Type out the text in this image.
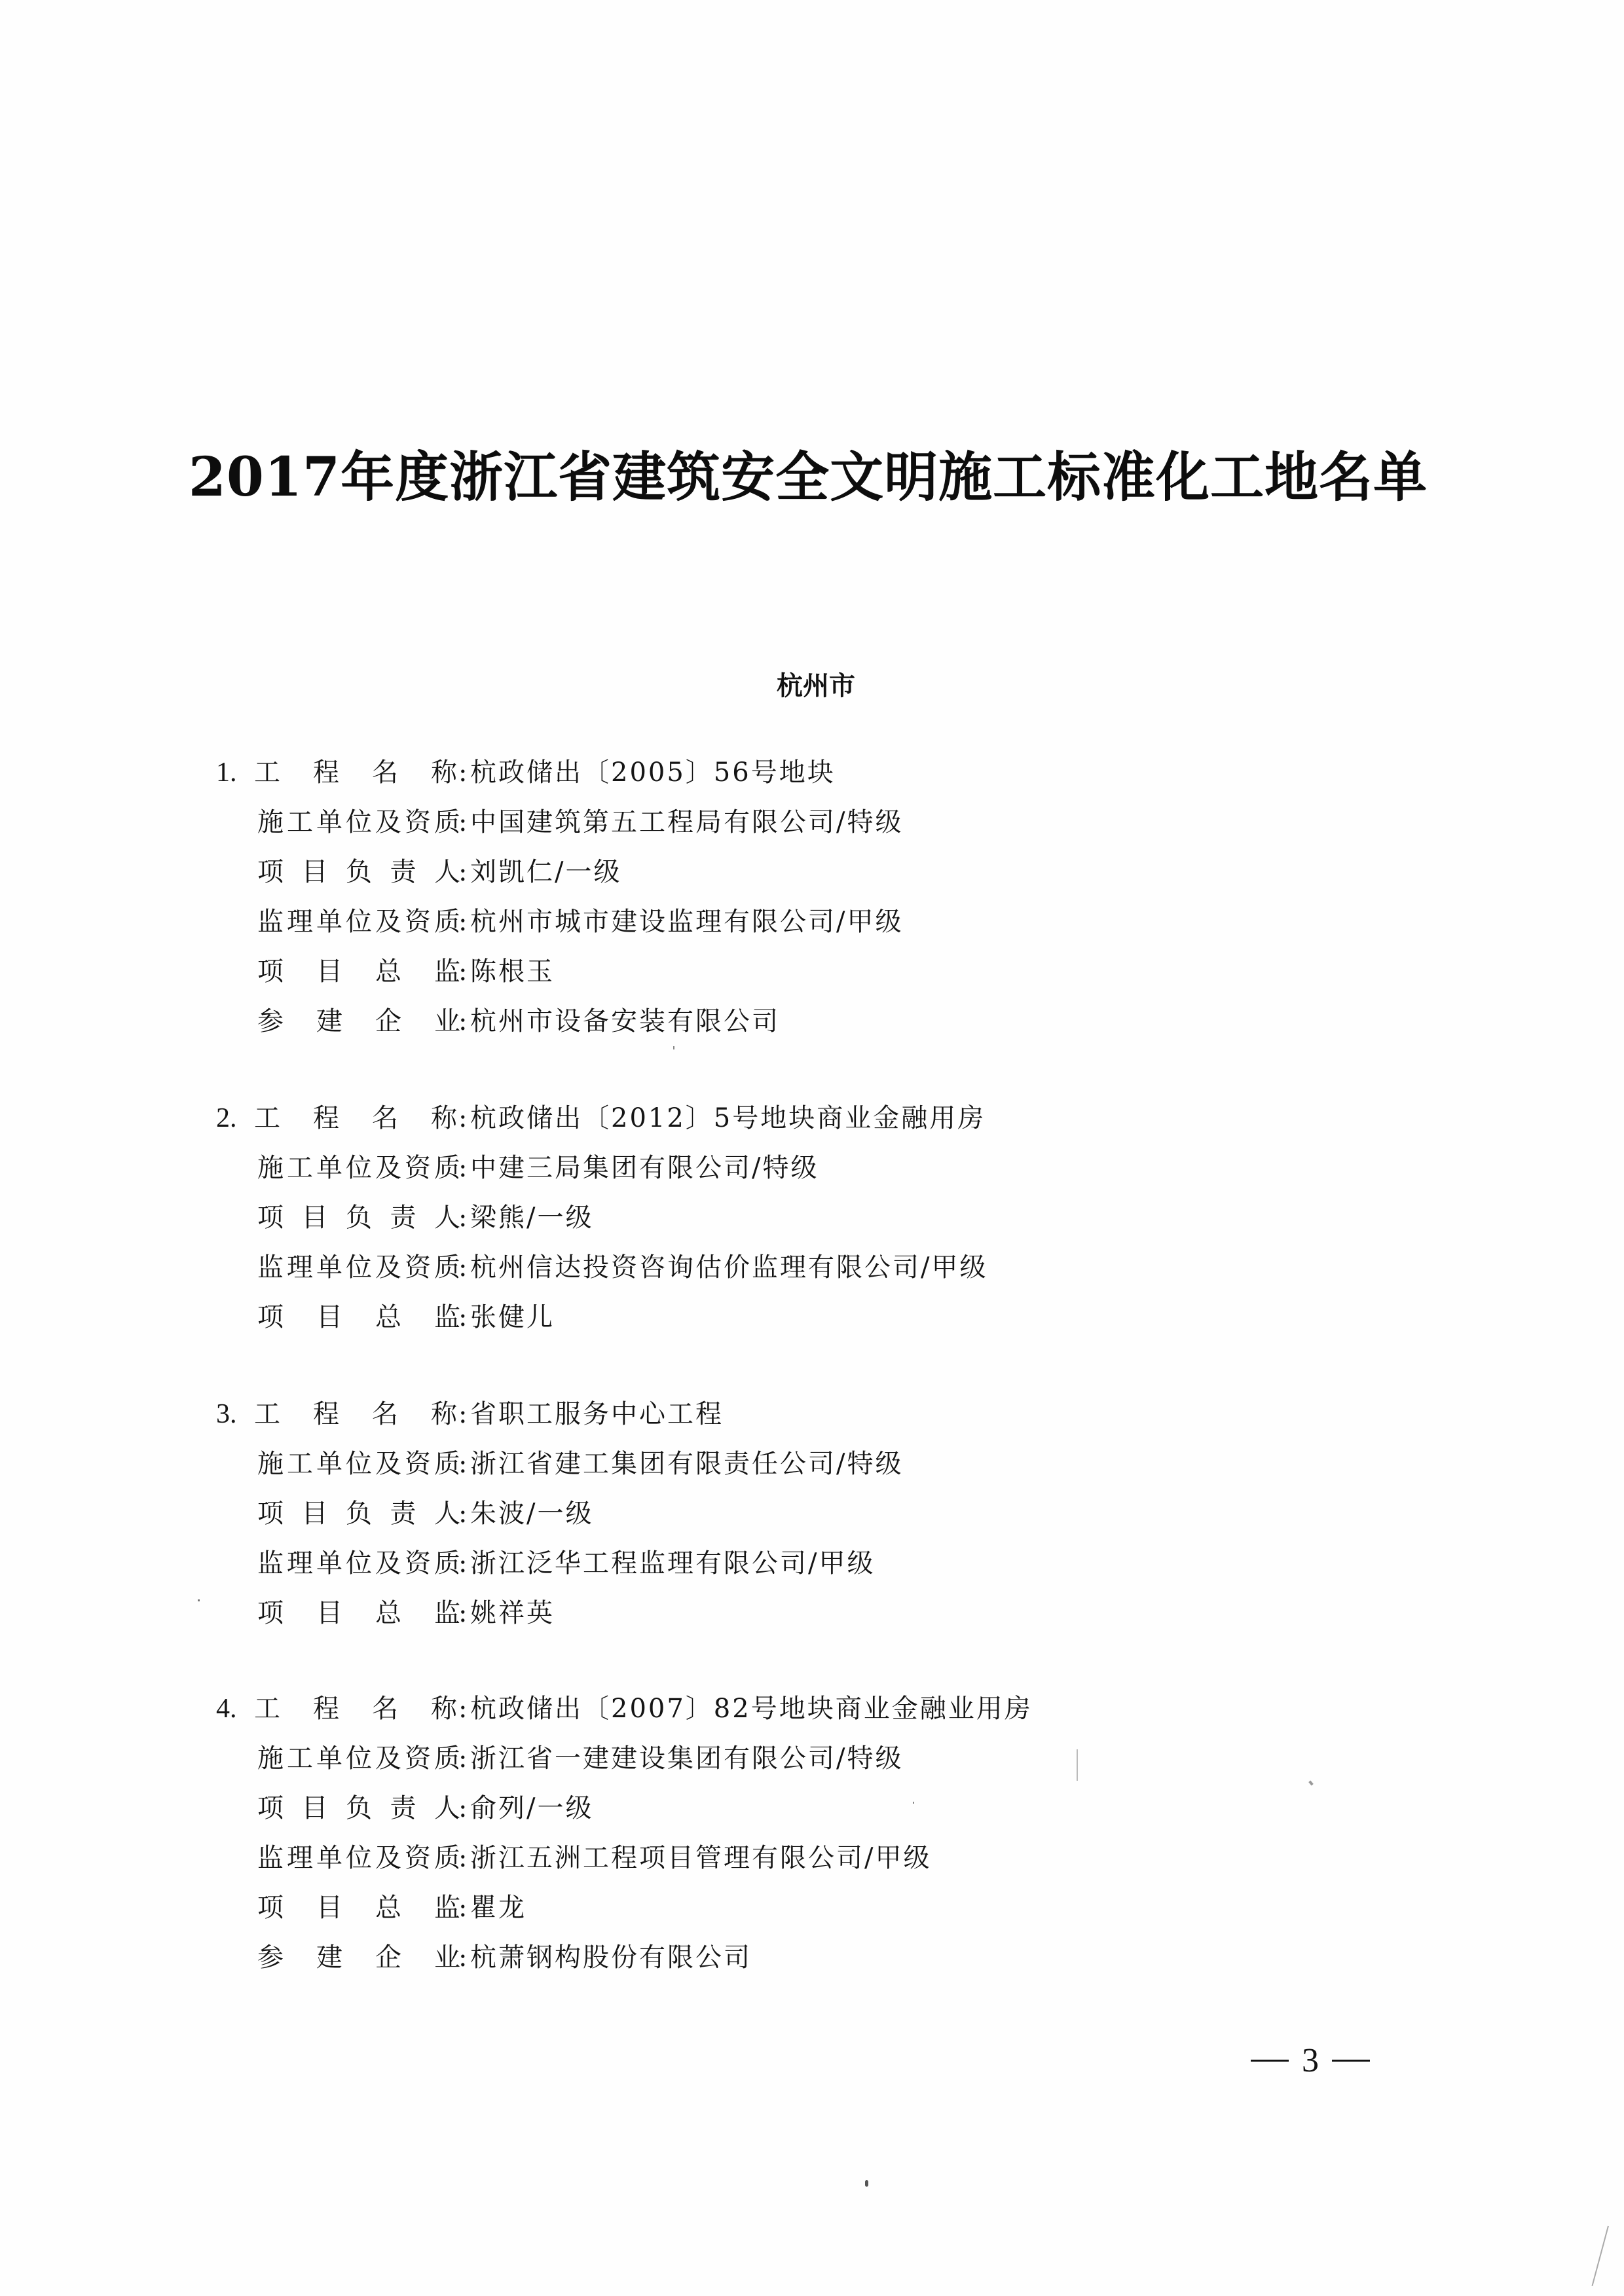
2017年度浙江省建筑安全文明施工标准化工地名单
杭州市
1. 工 程 名 称 : 杭政储出〔2005〕56号地块
施 工 单 位 及 资 质
: 中国建筑第五工程局有限公司/特级
项 目 负 责 人
: 刘凯仁/一级
监 理 单 位 及 资 质
: 杭州市城市建设监理有限公司/甲级
项 目 总 监
: 陈根玉
参 建 企 业
: 杭州市设备安装有限公司
2. 工 程 名 称 : 杭政储出〔2012〕5号地块商业金融用房
施 工 单 位 及 资 质
: 中建三局集团有限公司/特级
项 目 负 责 人
: 梁熊/一级
监 理 单 位 及 资 质
: 杭州信达投资咨询估价监理有限公司/甲级
项 目 总 监
: 张健儿
3. 工 程 名 称 : 省职工服务中心工程
施 工 单 位 及 资 质
: 浙江省建工集团有限责任公司/特级
项 目 负 责 人
: 朱波/一级
监 理 单 位 及 资 质
: 浙江泛华工程监理有限公司/甲级
项 目 总 监
: 姚祥英
4. 工 程 名 称 : 杭政储出〔2007〕82号地块商业金融业用房
施 工 单 位 及 资 质
: 浙江省一建建设集团有限公司/特级
项 目 负 责 人
: 俞列/一级
监 理 单 位 及 资 质
: 浙江五洲工程项目管理有限公司/甲级
项 目 总 监
: 瞿龙
参 建 企 业
: 杭萧钢构股份有限公司
3
